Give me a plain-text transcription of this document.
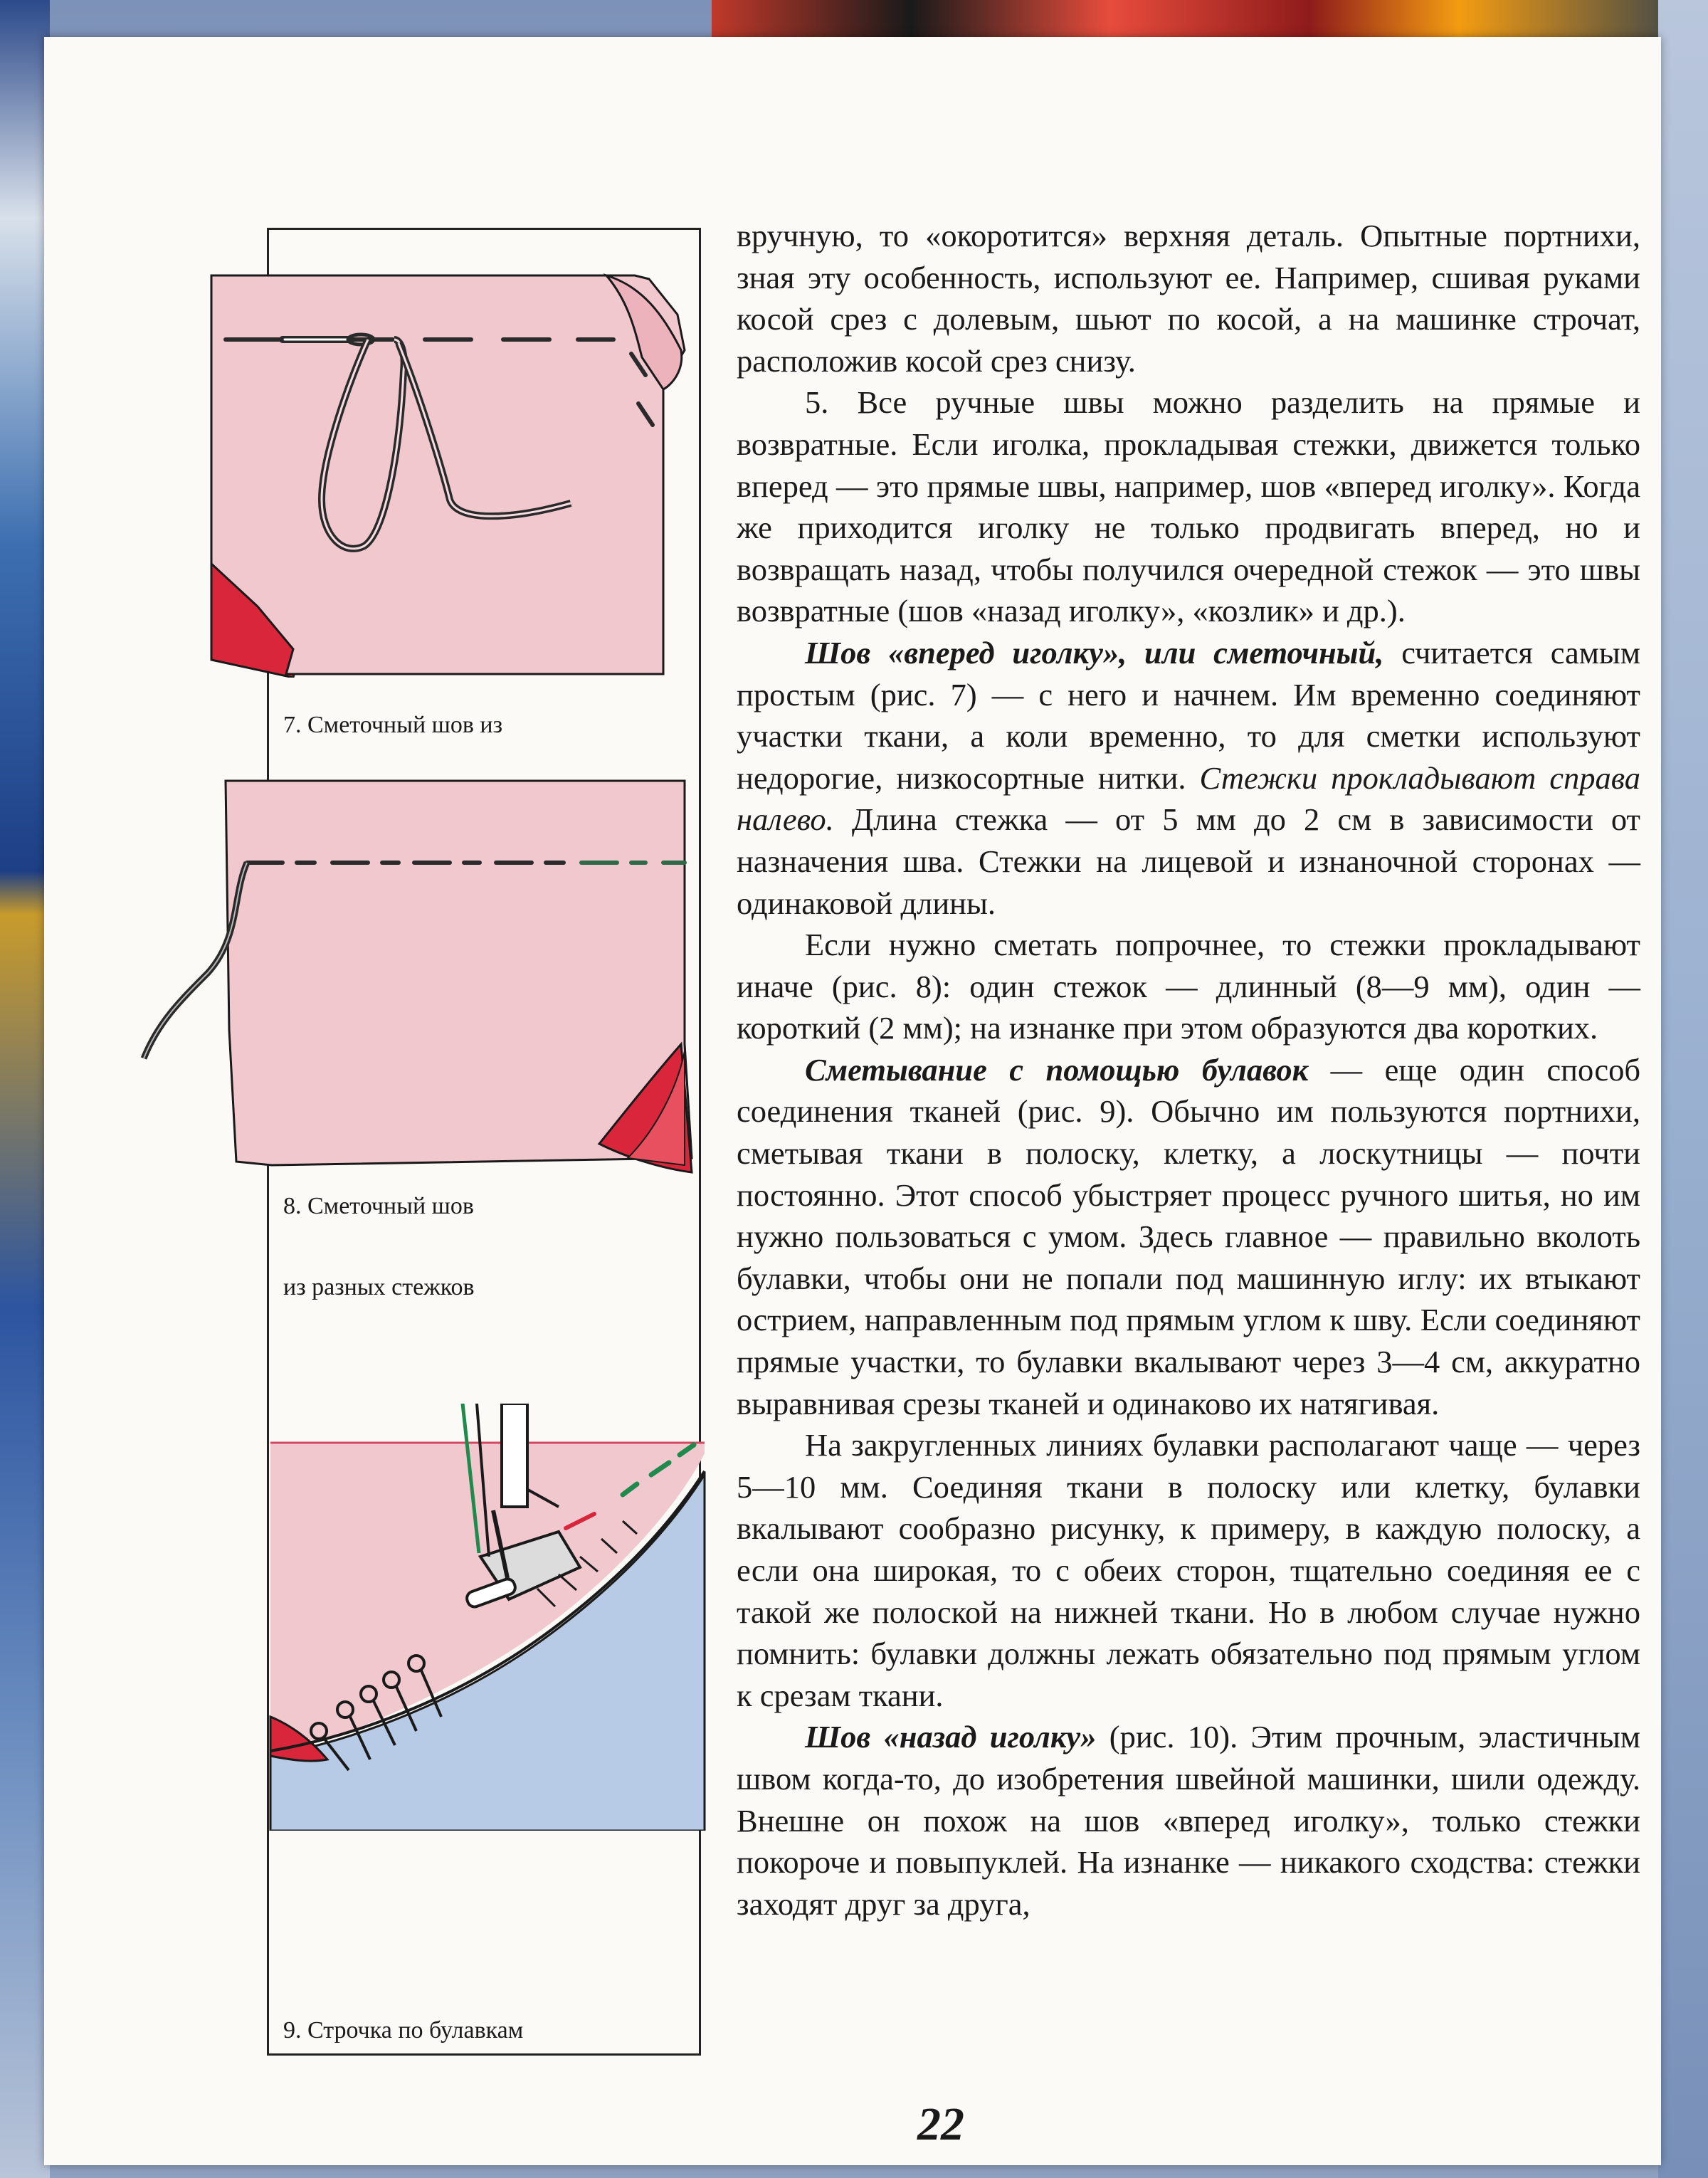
7. Сметочный шов из

8. Сметочный шов

из разных стежков

9. Строчка по булавкам

вручную, то «окоротится» верхняя деталь. Опытные портнихи, зная эту особенность, используют ее. Например, сшивая руками косой срез с долевым, шьют по косой, а на машинке строчат, расположив косой срез снизу.

5. Все ручные швы можно разделить на прямые и возвратные. Если иголка, прокладывая стежки, движется только вперед — это прямые швы, например, шов «вперед иголку». Когда же приходится иголку не только продвигать вперед, но и возвращать назад, чтобы получился очередной стежок — это швы возвратные (шов «назад иголку», «козлик» и др.).

Шов «вперед иголку», или сметочный, считается самым простым (рис. 7) — с него и начнем. Им временно соединяют участки ткани, а коли временно, то для сметки используют недорогие, низкосортные нитки. Стежки прокладывают справа налево. Длина стежка — от 5 мм до 2 см в зависимости от назначения шва. Стежки на лицевой и изнаночной сторонах — одинаковой длины.

Если нужно сметать попрочнее, то стежки прокладывают иначе (рис. 8): один стежок — длинный (8—9 мм), один — короткий (2 мм); на изнанке при этом образуются два коротких.

Сметывание с помощью булавок — еще один способ соединения тканей (рис. 9). Обычно им пользуются портнихи, сметывая ткани в полоску, клетку, а лоскутницы — почти постоянно. Этот способ убыстряет процесс ручного шитья, но им нужно пользоваться с умом. Здесь главное — правильно вколоть булавки, чтобы они не попали под машинную иглу: их втыкают острием, направленным под прямым углом к шву. Если соединяют прямые участки, то булавки вкалывают через 3—4 см, аккуратно выравнивая срезы тканей и одинаково их натягивая.

На закругленных линиях булавки располагают чаще — через 5—10 мм. Соединяя ткани в полоску или клетку, булавки вкалывают сообразно рисунку, к примеру, в каждую полоску, а если она широкая, то с обеих сторон, тщательно соединяя ее с такой же полоской на нижней ткани. Но в любом случае нужно помнить: булавки должны лежать обязательно под прямым углом к срезам ткани.

Шов «назад иголку» (рис. 10). Этим прочным, эластичным швом когда-то, до изобретения швейной машинки, шили одежду. Внешне он похож на шов «вперед иголку», только стежки покороче и повыпуклей. На изнанке — никакого сходства: стежки заходят друг за друга,

22
